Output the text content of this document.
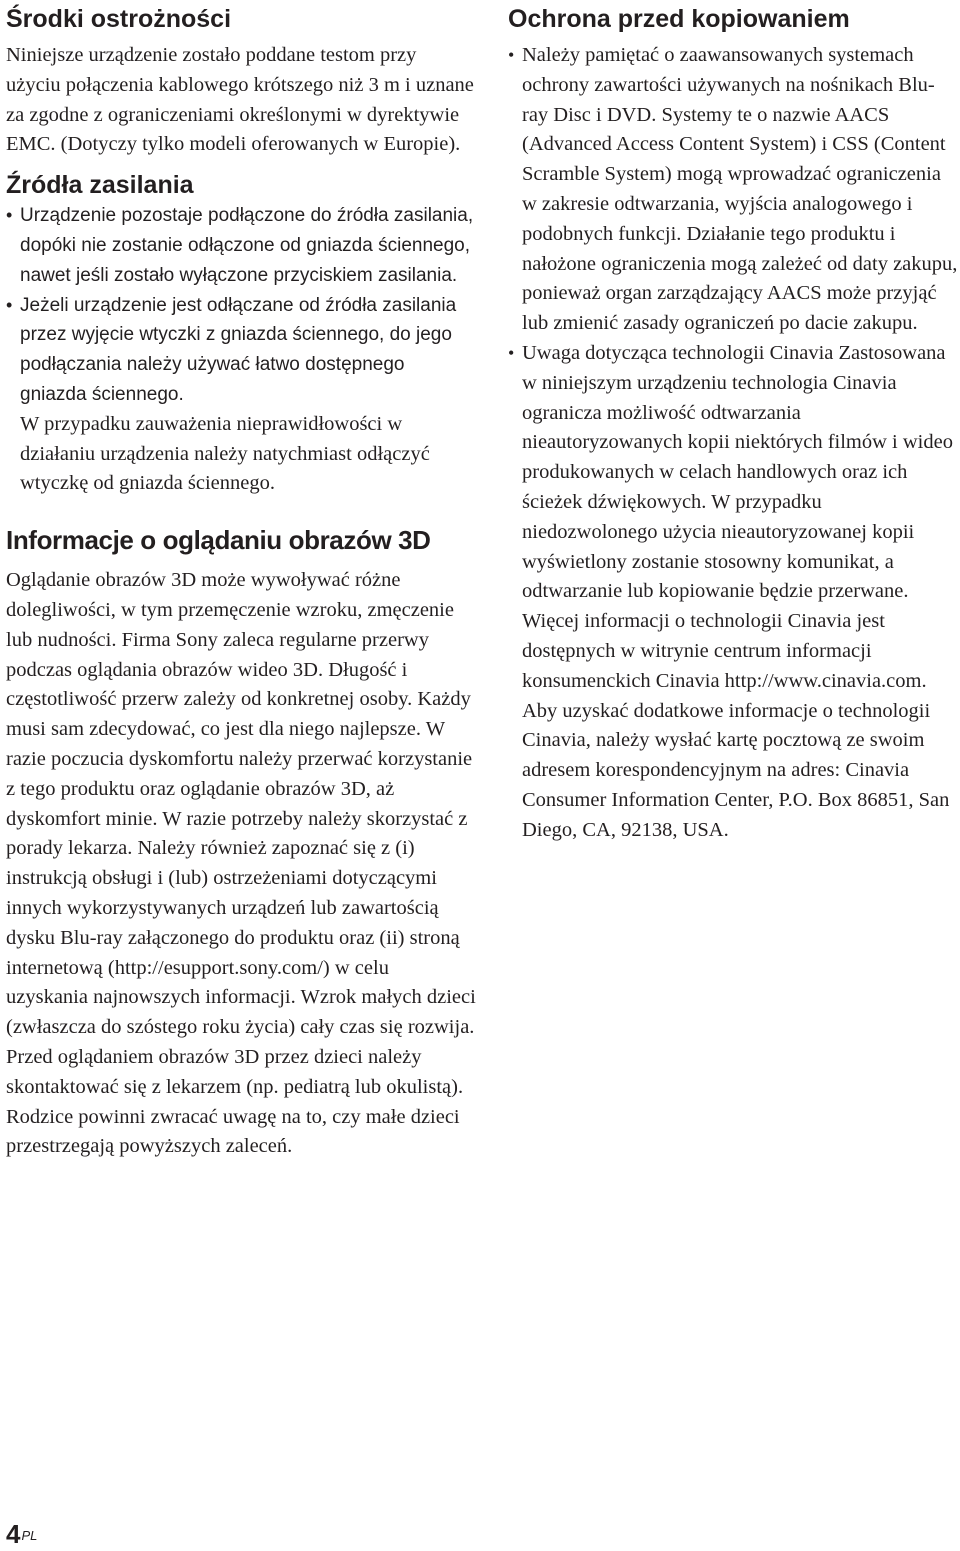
Środki ostrożności

Niniejsze urządzenie zostało poddane testom przy użyciu połączenia kablowego krótszego niż 3 m i uznane za zgodne z ograniczeniami określonymi w dyrektywie EMC. (Dotyczy tylko modeli oferowanych w Europie).

Źródła zasilania
• Urządzenie pozostaje podłączone do źródła zasilania, dopóki nie zostanie odłączone od gniazda ściennego, nawet jeśli zostało wyłączone przyciskiem zasilania.
• Jeżeli urządzenie jest odłączane od źródła zasilania przez wyjęcie wtyczki z gniazda ściennego, do jego podłączania należy używać łatwo dostępnego gniazda ściennego.

W przypadku zauważenia nieprawidłowości w działaniu urządzenia należy natychmiast odłączyć wtyczkę od gniazda ściennego.

Informacje o oglądaniu obrazów 3D

Oglądanie obrazów 3D może wywoływać różne dolegliwości, w tym przemęczenie wzroku, zmęczenie lub nudności. Firma Sony zaleca regularne przerwy podczas oglądania obrazów wideo 3D. Długość i częstotliwość przerw zależy od konkretnej osoby. Każdy musi sam zdecydować, co jest dla niego najlepsze. W razie poczucia dyskomfortu należy przerwać korzystanie z tego produktu oraz oglądanie obrazów 3D, aż dyskomfort minie. W razie potrzeby należy skorzystać z porady lekarza. Należy również zapoznać się z (i) instrukcją obsługi i (lub) ostrzeżeniami dotyczącymi innych wykorzystywanych urządzeń lub zawartością dysku Blu-ray załączonego do produktu oraz (ii) stroną internetową (http://esupport.sony.com/) w celu uzyskania najnowszych informacji. Wzrok małych dzieci (zwłaszcza do szóstego roku życia) cały czas się rozwija. Przed oglądaniem obrazów 3D przez dzieci należy skontaktować się z lekarzem (np. pediatrą lub okulistą). Rodzice powinni zwracać uwagę na to, czy małe dzieci przestrzegają powyższych zaleceń.

Ochrona przed kopiowaniem
• Należy pamiętać o zaawansowanych systemach ochrony zawartości używanych na nośnikach Blu-ray Disc i DVD. Systemy te o nazwie AACS (Advanced Access Content System) i CSS (Content Scramble System) mogą wprowadzać ograniczenia w zakresie odtwarzania, wyjścia analogowego i podobnych funkcji. Działanie tego produktu i nałożone ograniczenia mogą zależeć od daty zakupu, ponieważ organ zarządzający AACS może przyjąć lub zmienić zasady ograniczeń po dacie zakupu.
• Uwaga dotycząca technologii Cinavia Zastosowana w niniejszym urządzeniu technologia Cinavia ogranicza możliwość odtwarzania nieautoryzowanych kopii niektórych filmów i wideo produkowanych w celach handlowych oraz ich ścieżek dźwiękowych. W przypadku niedozwolonego użycia nieautoryzowanej kopii wyświetlony zostanie stosowny komunikat, a odtwarzanie lub kopiowanie będzie przerwane.

Więcej informacji o technologii Cinavia jest dostępnych w witrynie centrum informacji konsumenckich Cinavia http://www.cinavia.com. Aby uzyskać dodatkowe informacje o technologii Cinavia, należy wysłać kartę pocztową ze swoim adresem korespondencyjnym na adres: Cinavia Consumer Information Center, P.O. Box 86851, San Diego, CA, 92138, USA.

$4^{PL}$
